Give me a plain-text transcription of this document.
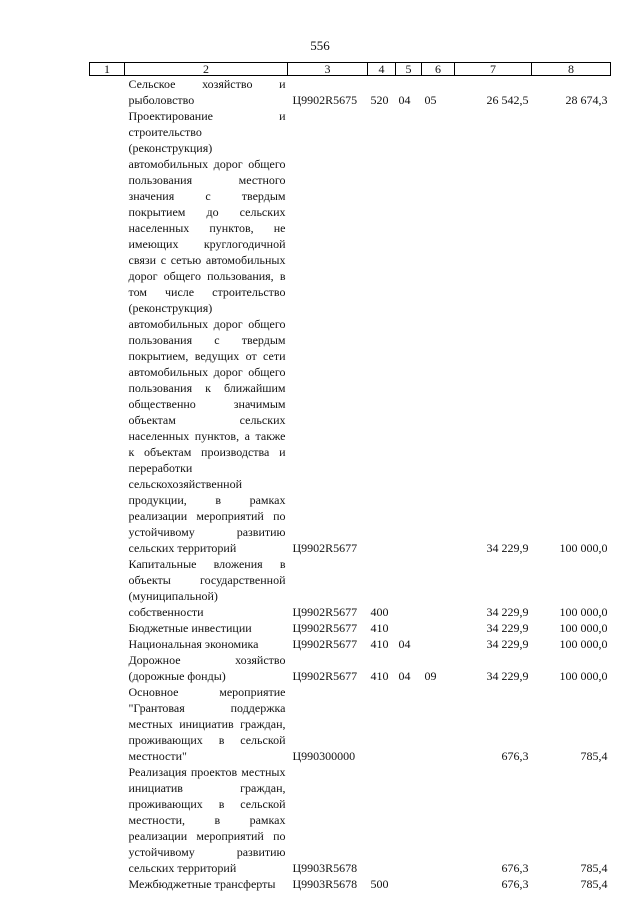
556
1	2	3	4	5	6	7	8
	Сельское хозяйство и рыболовство	Ц9902R5675	520	04	05	26 542,5	28 674,3
	Проектирование и строительство (реконструкция) автомобильных дорог общего пользования местного значения с твердым покрытием до сельских населенных пунктов, не имеющих круглогодичной связи с сетью автомобильных дорог общего пользования, в том числе строительство (реконструкция) автомобильных дорог общего пользования с твердым покрытием, ведущих от сети автомобильных дорог общего пользования к ближайшим общественно значимым объектам сельских населенных пунктов, а также к объектам производства и переработки сельскохозяйственной продукции, в рамках реализации мероприятий по устойчивому развитию сельских территорий	Ц9902R5677				34 229,9	100 000,0
	Капитальные вложения в объекты государственной (муниципальной) собственности	Ц9902R5677	400			34 229,9	100 000,0
	Бюджетные инвестиции	Ц9902R5677	410			34 229,9	100 000,0
	Национальная экономика	Ц9902R5677	410	04		34 229,9	100 000,0
	Дорожное хозяйство (дорожные фонды)	Ц9902R5677	410	04	09	34 229,9	100 000,0
	Основное мероприятие "Грантовая поддержка местных инициатив граждан, проживающих в сельской местности"	Ц990300000				676,3	785,4
	Реализация проектов местных инициатив граждан, проживающих в сельской местности, в рамках реализации мероприятий по устойчивому развитию сельских территорий	Ц9903R5678				676,3	785,4
	Межбюджетные трансферты	Ц9903R5678	500			676,3	785,4
